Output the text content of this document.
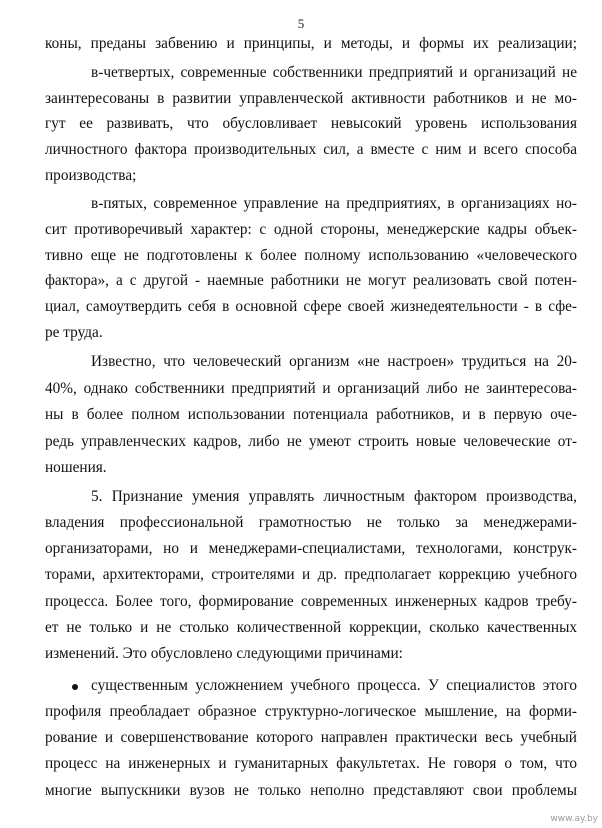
5
коны, преданы забвению и принципы, и методы, и формы их реализации;
в-четвертых, современные собственники предприятий и организаций не
заинтересованы в развитии управленческой активности работников и не мо-
гут ее развивать, что обусловливает невысокий уровень использования
личностного фактора производительных сил, а вместе с ним и всего способа
производства;
в-пятых, современное управление на предприятиях, в организациях но-
сит противоречивый характер: с одной стороны, менеджерские кадры объек-
тивно еще не подготовлены к более полному использованию «человеческого
фактора», а с другой - наемные работники не могут реализовать свой потен-
циал, самоутвердить себя в основной сфере своей жизнедеятельности - в сфе-
ре труда.
Известно, что человеческий организм «не настроен» трудиться на 20-
40%, однако собственники предприятий и организаций либо не заинтересова-
ны в более полном использовании потенциала работников, и в первую оче-
редь управленческих кадров, либо не умеют строить новые человеческие от-
ношения.
5. Признание умения управлять личностным фактором производства,
владения профессиональной грамотностью не только за менеджерами-
организаторами, но и менеджерами-специалистами, технологами, конструк-
торами, архитекторами, строителями и др. предполагает коррекцию учебного
процесса. Более того, формирование современных инженерных кадров требу-
ет не только и не столько количественной коррекции, сколько качественных
изменений. Это обусловлено следующими причинами:
существенным усложнением учебного процесса. У специалистов этого
профиля преобладает образное структурно-логическое мышление, на форми-
рование и совершенствование которого направлен практически весь учебный
процесс на инженерных и гуманитарных факультетах. Не говоря о том, что
многие выпускники вузов не только неполно представляют свои проблемы
www.ay.by
